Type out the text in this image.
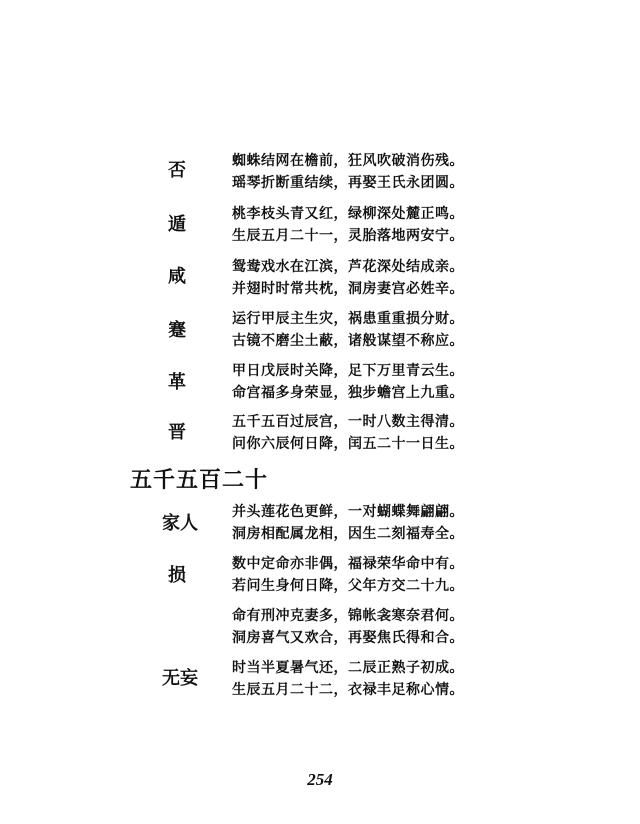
否
遁
咸
蹇
革
晋
家人
损
无妄
蜘蛛结网在檐前，狂风吹破消伤残。
瑶琴折断重结续，再娶王氏永团圆。
桃李枝头青又红，绿柳深处麓正鸣。
生辰五月二十一，灵胎落地两安宁。
鸳鸯戏水在江滨，芦花深处结成亲。
并翅时时常共枕，洞房妻宫必姓辛。
运行甲辰主生灾，祸患重重损分财。
古镜不磨尘土蔽，诸般谋望不称应。
甲日戊辰时关降，足下万里青云生。
命宫福多身荣显，独步蟾宫上九重。
五千五百过辰宫，一时八数主得清。
问你六辰何日降，闰五二十一日生。
五千五百二十
并头莲花色更鲜，一对蝴蝶舞翩翩。
洞房相配属龙相，因生二刻福寿全。
数中定命亦非偶，福禄荣华命中有。
若问生身何日降，父年方交二十九。
命有刑冲克妻多，锦帐衾寒奈君何。
洞房喜气又欢合，再娶焦氏得和合。
时当半夏暑气还，二辰正熟子初成。
生辰五月二十二，衣禄丰足称心情。
254
